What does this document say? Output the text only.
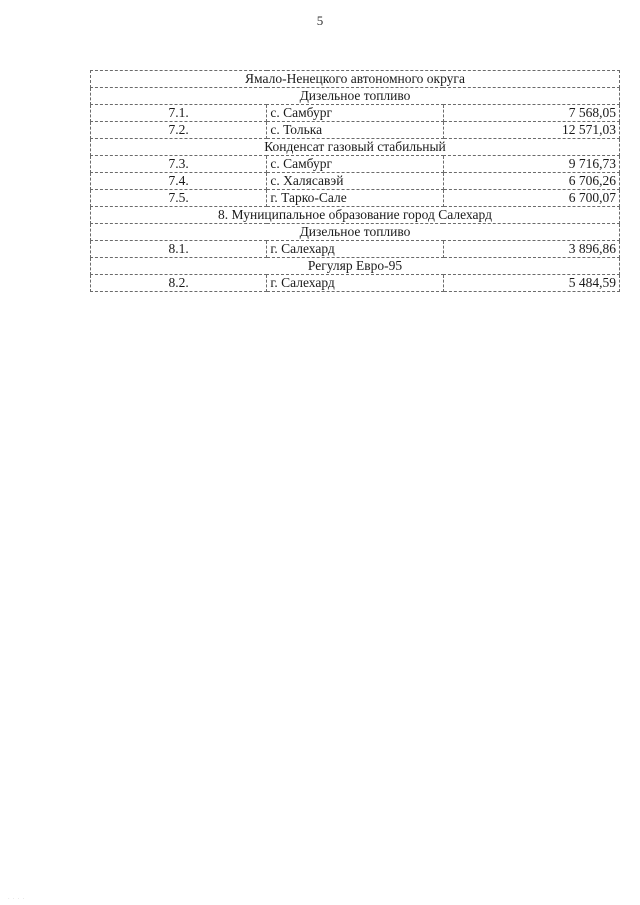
5
Ямало-Ненецкого автономного округа		
Дизельное топливо		
7.1.	с. Самбург	7 568,05
7.2.	с. Толька	12 571,03
Конденсат газовый стабильный		
7.3.	с. Самбург	9 716,73
7.4.	с. Халясавэй	6 706,26
7.5.	г. Тарко-Сале	6 700,07
8. Муниципальное образование город Салехард		
Дизельное топливо		
8.1.	г. Салехард	3 896,86
Регуляр Евро-95		
8.2.	г. Салехард	5 484,59
· · · ·
